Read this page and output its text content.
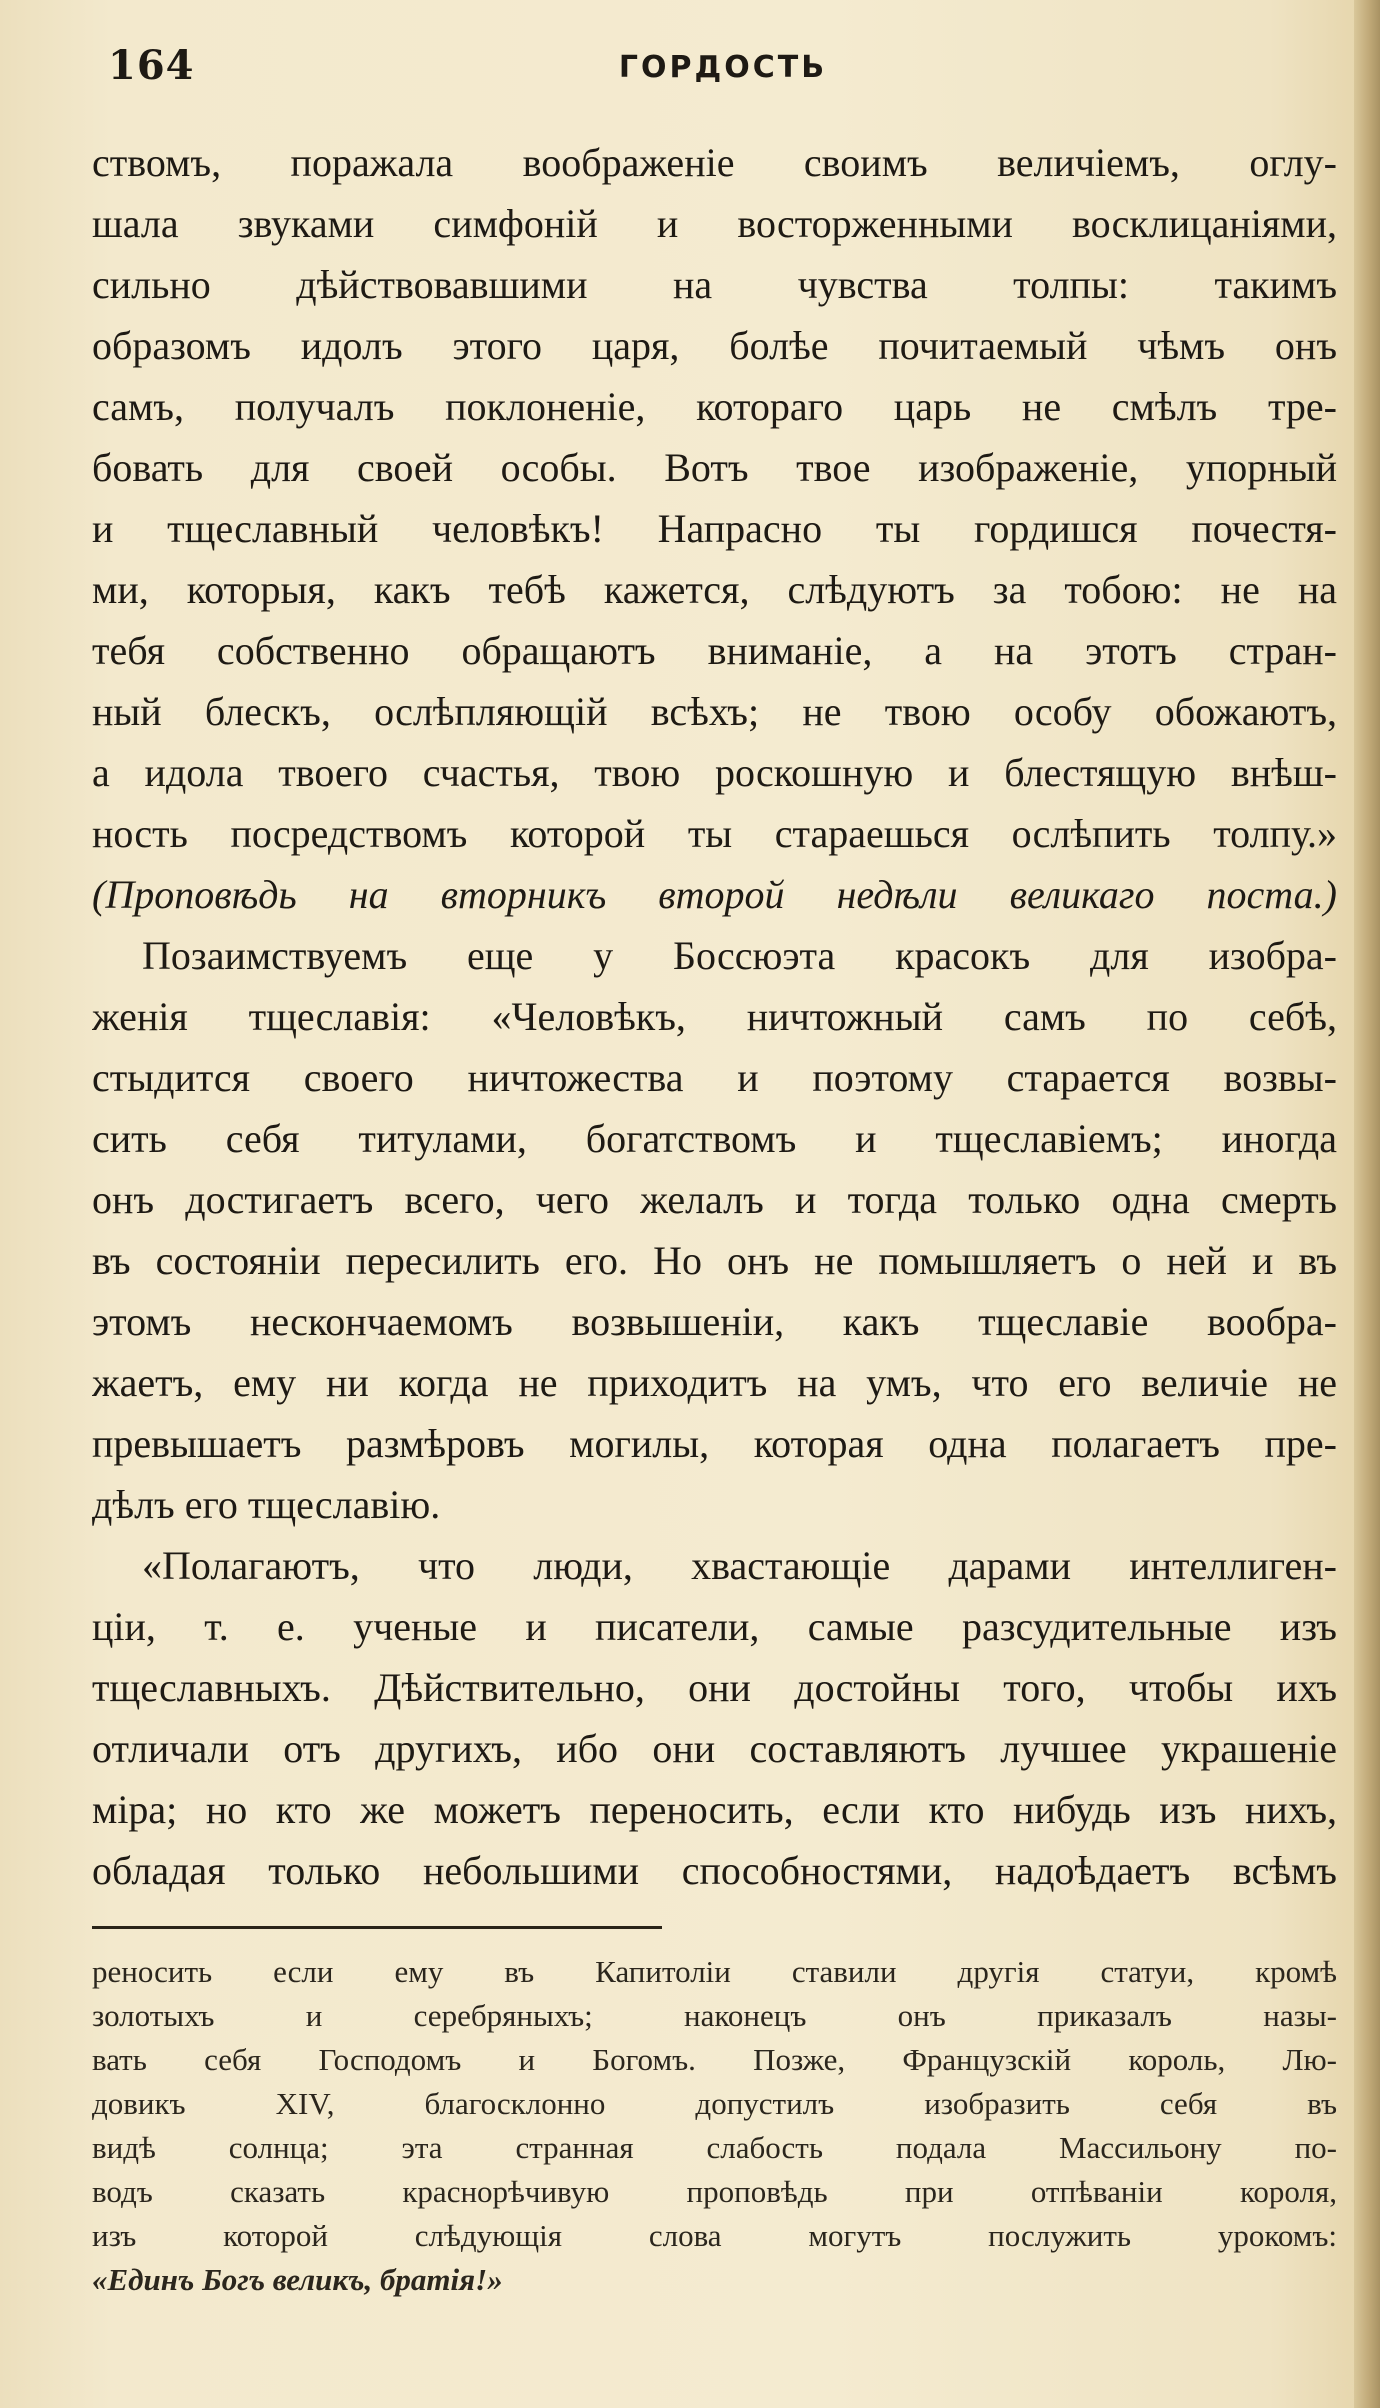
164	ГОРДОСТЬ
ствомъ, поражала воображеніе своимъ величіемъ, оглу-
шала звуками симфоній и восторженными восклицаніями,
сильно дѣйствовавшими на чувства толпы: такимъ
образомъ идолъ этого царя, болѣе почитаемый чѣмъ онъ
самъ, получалъ поклоненіе, котораго царь не смѣлъ тре-
бовать для своей особы. Вотъ твое изображеніе, упорный
и тщеславный человѣкъ! Напрасно ты гордишся почестя-
ми, которыя, какъ тебѣ кажется, слѣдуютъ за тобою: не на
тебя собственно обращаютъ вниманіе, а на этотъ стран-
ный блескъ, ослѣпляющій всѣхъ; не твою особу обожаютъ,
а идола твоего счастья, твою роскошную и блестящую внѣш-
ность посредствомъ которой ты стараешься ослѣпить толпу.»
(Проповѣдь на вторникъ второй недѣли великаго поста.)
Позаимствуемъ еще у Боссюэта красокъ для изобра-
женія тщеславія: «Человѣкъ, ничтожный самъ по себѣ,
стыдится своего ничтожества и поэтому старается возвы-
сить себя титулами, богатствомъ и тщеславіемъ; иногда
онъ достигаетъ всего, чего желалъ и тогда только одна смерть
въ состояніи пересилить его. Но онъ не помышляетъ о ней и въ
этомъ нескончаемомъ возвышеніи, какъ тщеславіе вообра-
жаетъ, ему ни когда не приходитъ на умъ, что его величіе не
превышаетъ размѣровъ могилы, которая одна полагаетъ пре-
дѣлъ его тщеславію.
«Полагаютъ, что люди, хвастающіе дарами интеллиген-
ціи, т. е. ученые и писатели, самые разсудительные изъ
тщеславныхъ. Дѣйствительно, они достойны того, чтобы ихъ
отличали отъ другихъ, ибо они составляютъ лучшее украшеніе
міра; но кто же можетъ переносить, если кто нибудь изъ нихъ,
обладая только небольшими способностями, надоѣдаетъ всѣмъ
реносить если ему въ Капитоліи ставили другія статуи, кромѣ
золотыхъ и серебряныхъ; наконецъ онъ приказалъ назы-
вать себя Господомъ и Богомъ. Позже, Французскій король, Лю-
довикъ XIV, благосклонно допустилъ изобразить себя въ
видѣ солнца; эта странная слабость подала Массильону по-
водъ сказать краснорѣчивую проповѣдь при отпѣваніи короля,
изъ которой слѣдующія слова могутъ послужить урокомъ:
«Единъ Богъ великъ, братія!»
